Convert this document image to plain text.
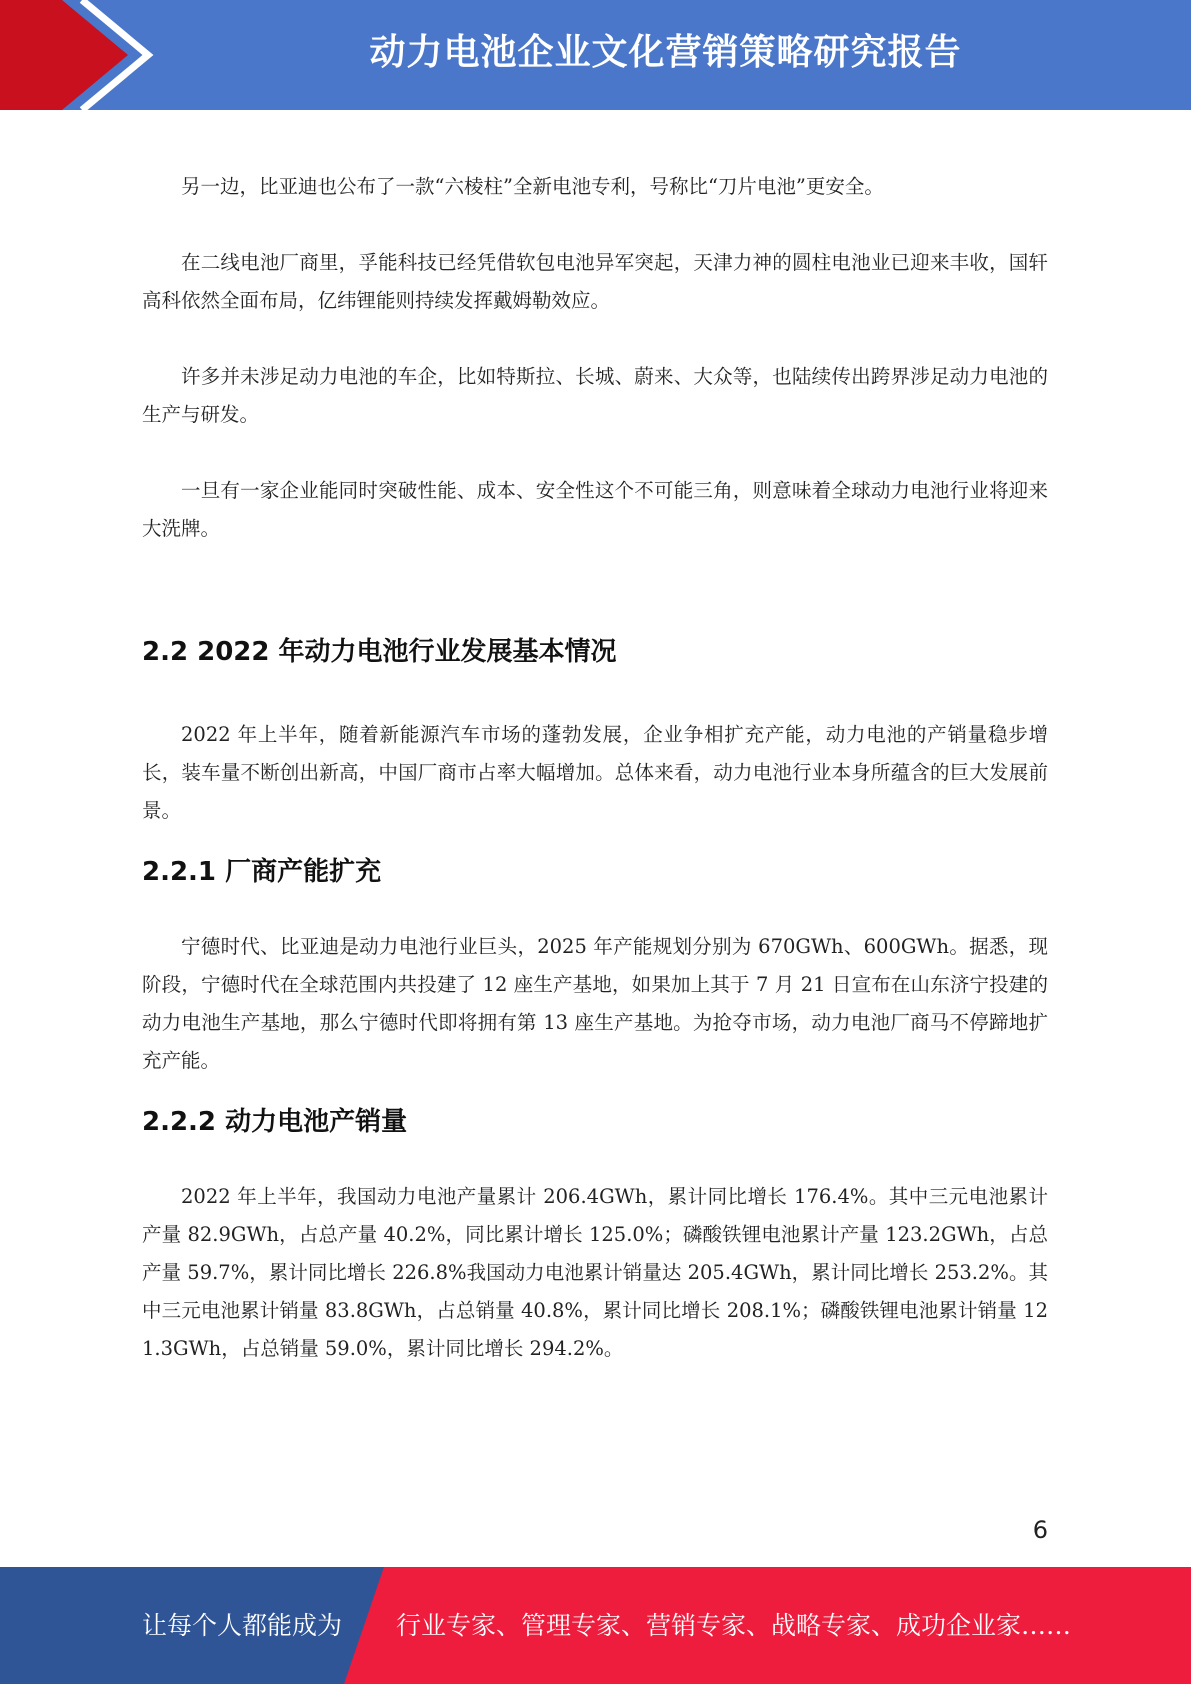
动力电池企业文化营销策略研究报告

另一边，比亚迪也公布了一款“六棱柱”全新电池专利，号称比“刀片电池”更安全。

在二线电池厂商里，孚能科技已经凭借软包电池异军突起，天津力神的圆柱电池业已迎来丰收，国轩高科依然全面布局，亿纬锂能则持续发挥戴姆勒效应。

许多并未涉足动力电池的车企，比如特斯拉、长城、蔚来、大众等，也陆续传出跨界涉足动力电池的生产与研发。

一旦有一家企业能同时突破性能、成本、安全性这个不可能三角，则意味着全球动力电池行业将迎来大洗牌。

2.2 2022 年动力电池行业发展基本情况

2022 年上半年，随着新能源汽车市场的蓬勃发展，企业争相扩充产能，动力电池的产销量稳步增长，装车量不断创出新高，中国厂商市占率大幅增加。总体来看，动力电池行业本身所蕴含的巨大发展前景。

2.2.1 厂商产能扩充

宁德时代、比亚迪是动力电池行业巨头，2025 年产能规划分别为 670GWh、600GWh。据悉，现阶段，宁德时代在全球范围内共投建了 12 座生产基地，如果加上其于 7 月 21 日宣布在山东济宁投建的动力电池生产基地，那么宁德时代即将拥有第 13 座生产基地。为抢夺市场，动力电池厂商马不停蹄地扩充产能。

2.2.2 动力电池产销量

2022 年上半年，我国动力电池产量累计 206.4GWh，累计同比增长 176.4%。其中三元电池累计产量 82.9GWh，占总产量 40.2%，同比累计增长 125.0%；磷酸铁锂电池累计产量 123.2GWh，占总产量 59.7%，累计同比增长 226.8%我国动力电池累计销量达 205.4GWh，累计同比增长 253.2%。其中三元电池累计销量 83.8GWh，占总销量 40.8%，累计同比增长 208.1%；磷酸铁锂电池累计销量 121.3GWh，占总销量 59.0%，累计同比增长 294.2%。

6
让每个人都能成为 行业专家、管理专家、营销专家、战略专家、成功企业家……
